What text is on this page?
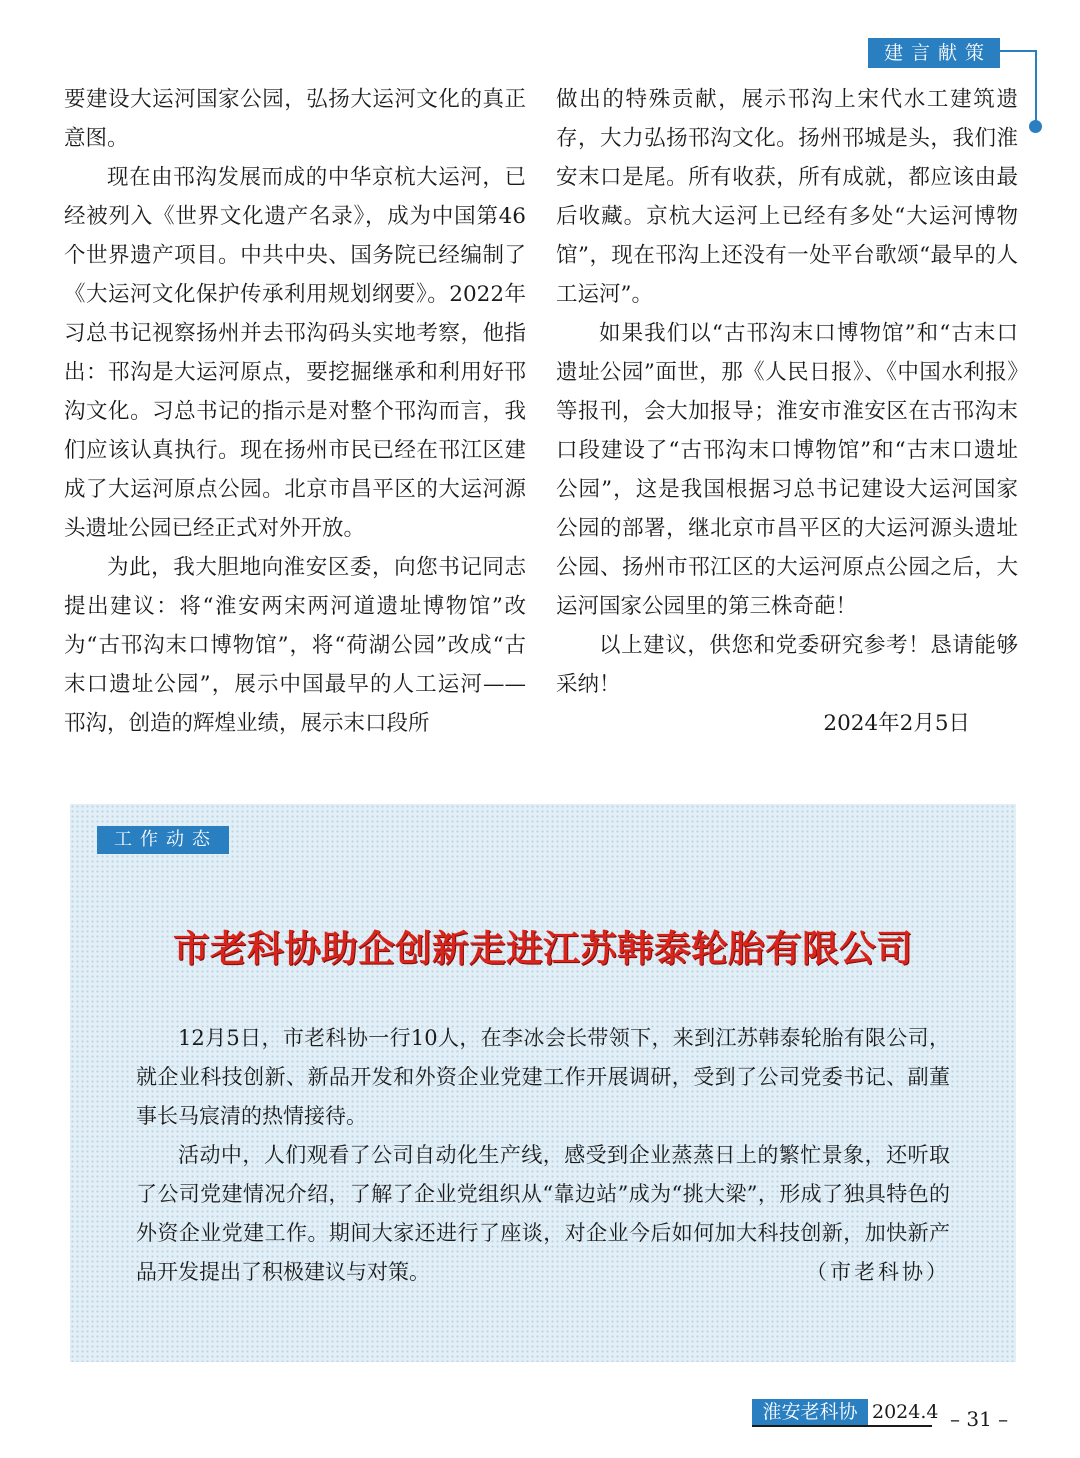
建言献策

要建设大运河国家公园，弘扬大运河文化的真正意图。

现在由邗沟发展而成的中华京杭大运河，已经被列入《世界文化遗产名录》，成为中国第46个世界遗产项目。中共中央、国务院已经编制了《大运河文化保护传承利用规划纲要》。2022年习总书记视察扬州并去邗沟码头实地考察，他指出：邗沟是大运河原点，要挖掘继承和利用好邗沟文化。习总书记的指示是对整个邗沟而言，我们应该认真执行。现在扬州市民已经在邗江区建成了大运河原点公园。北京市昌平区的大运河源头遗址公园已经正式对外开放。

为此，我大胆地向淮安区委，向您书记同志提出建议：将“淮安两宋两河道遗址博物馆”改为“古邗沟末口博物馆”，将“荷湖公园”改成“古末口遗址公园”，展示中国最早的人工运河——邗沟，创造的辉煌业绩，展示末口段所

做出的特殊贡献，展示邗沟上宋代水工建筑遗存，大力弘扬邗沟文化。扬州邗城是头，我们淮安末口是尾。所有收获，所有成就，都应该由最后收藏。京杭大运河上已经有多处“大运河博物馆”，现在邗沟上还没有一处平台歌颂“最早的人工运河”。

如果我们以“古邗沟末口博物馆”和“古末口遗址公园”面世，那《人民日报》、《中国水利报》等报刊，会大加报导；淮安市淮安区在古邗沟末口段建设了“古邗沟末口博物馆”和“古末口遗址公园”，这是我国根据习总书记建设大运河国家公园的部署，继北京市昌平区的大运河源头遗址公园、扬州市邗江区的大运河原点公园之后，大运河国家公园里的第三株奇葩！

以上建议，供您和党委研究参考！恳请能够采纳！

2024年2月5日

工作动态
市老科协助企创新走进江苏韩泰轮胎有限公司

12月5日，市老科协一行10人，在李冰会长带领下，来到江苏韩泰轮胎有限公司，就企业科技创新、新品开发和外资企业党建工作开展调研，受到了公司党委书记、副董事长马宸清的热情接待。

活动中，人们观看了公司自动化生产线，感受到企业蒸蒸日上的繁忙景象，还听取了公司党建情况介绍，了解了企业党组织从“靠边站”成为“挑大梁”，形成了独具特色的外资企业党建工作。期间大家还进行了座谈，对企业今后如何加大科技创新，加快新产品开发提出了积极建议与对策。	（市老科协）

淮安老科协 2024.4 – 31 –
